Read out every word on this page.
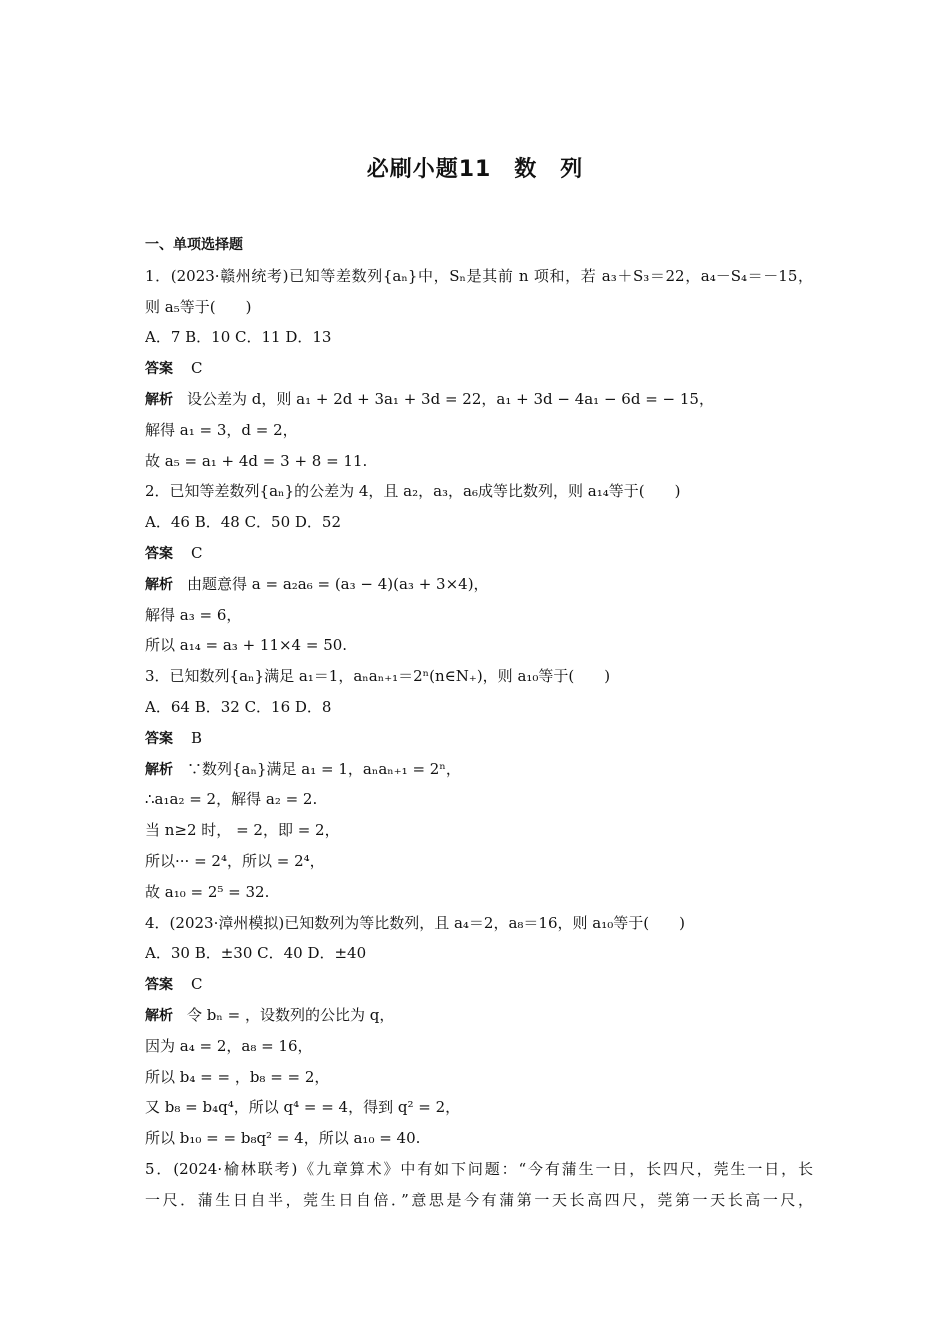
必刷小题11　数　列
一、单项选择题
1．(2023·赣州统考)已知等差数列{aₙ}中，Sₙ是其前 n 项和，若 a₃＋S₃＝22，a₄－S₄＝－15，
则 a₅等于(　　)
A．7 B．10 C．11 D．13
答案 C
解析 设公差为 d，则 a₁ + 2d + 3a₁ + 3d = 22，a₁ + 3d − 4a₁ − 6d = − 15，
解得 a₁ = 3，d = 2，
故 a₅ = a₁ + 4d = 3 + 8 = 11.
2．已知等差数列{aₙ}的公差为 4，且 a₂，a₃，a₆成等比数列，则 a₁₄等于(　　)
A．46 B．48 C．50 D．52
答案 C
解析 由题意得 a = a₂a₆ = (a₃ − 4)(a₃ + 3×4)，
解得 a₃ = 6，
所以 a₁₄ = a₃ + 11×4 = 50.
3．已知数列{aₙ}满足 a₁＝1，aₙaₙ₊₁＝2ⁿ(n∈N₊)，则 a₁₀等于(　　)
A．64 B．32 C．16 D．8
答案 B
解析 ∵数列{aₙ}满足 a₁ = 1，aₙaₙ₊₁ = 2ⁿ，
∴a₁a₂ = 2，解得 a₂ = 2.
当 n≥2 时， = 2，即 = 2，
所以··· = 2⁴，所以 = 2⁴，
故 a₁₀ = 2⁵ = 32.
4．(2023·漳州模拟)已知数列为等比数列，且 a₄＝2，a₈＝16，则 a₁₀等于(　　)
A．30 B．±30 C．40 D．±40
答案 C
解析 令 bₙ = ，设数列的公比为 q，
因为 a₄ = 2，a₈ = 16，
所以 b₄ = = ，b₈ = = 2，
又 b₈ = b₄q⁴，所以 q⁴ = = 4，得到 q² = 2，
所以 b₁₀ = = b₈q² = 4，所以 a₁₀ = 40.
5．(2024·榆林联考)《九章算术》中有如下问题：“今有蒲生一日，长四尺，莞生一日，长
一尺．蒲生日自半，莞生日自倍．”意思是今有蒲第一天长高四尺，莞第一天长高一尺，
